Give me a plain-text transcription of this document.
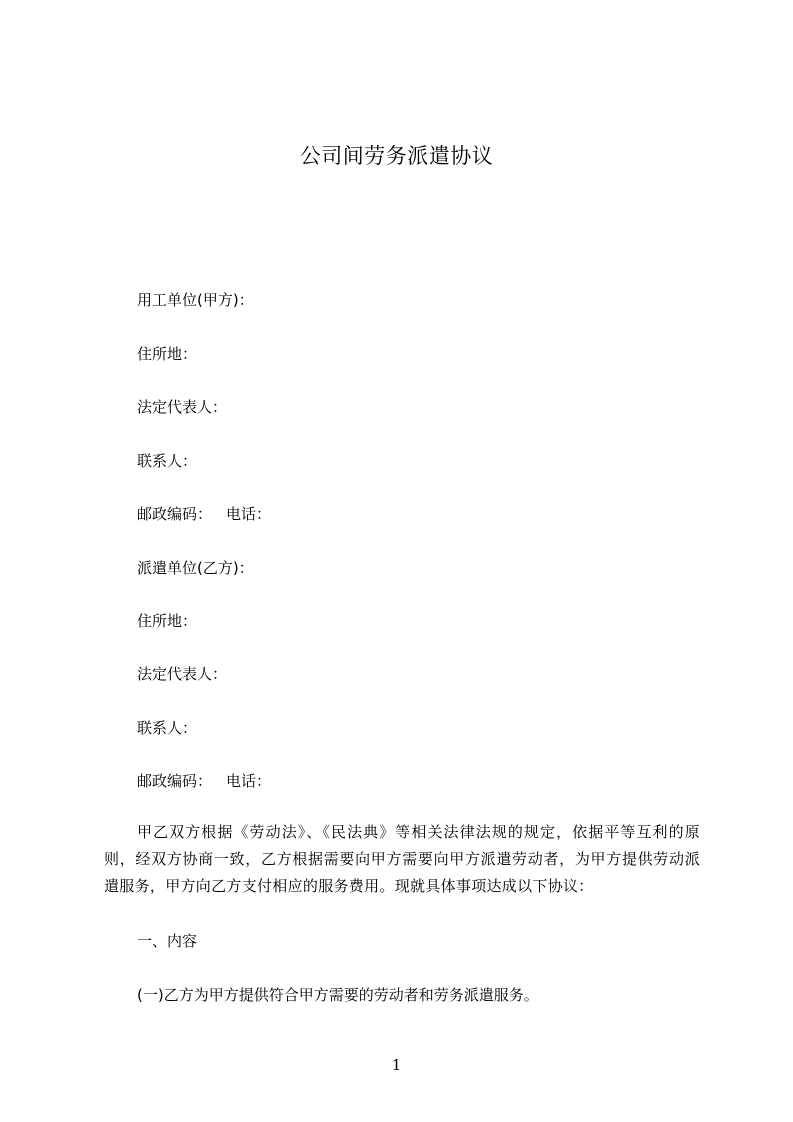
公司间劳务派遣协议
用工单位(甲方)：
住所地：
法定代表人：
联系人：
邮政编码： 电话：
派遣单位(乙方)：
住所地：
法定代表人：
联系人：
邮政编码： 电话：
甲乙双方根据《劳动法》、《民法典》等相关法律法规的规定，依据平等互利的原则，经双方协商一致，乙方根据需要向甲方需要向甲方派遣劳动者，为甲方提供劳动派遣服务，甲方向乙方支付相应的服务费用。现就具体事项达成以下协议：
一、内容
(一)乙方为甲方提供符合甲方需要的劳动者和劳务派遣服务。
1
